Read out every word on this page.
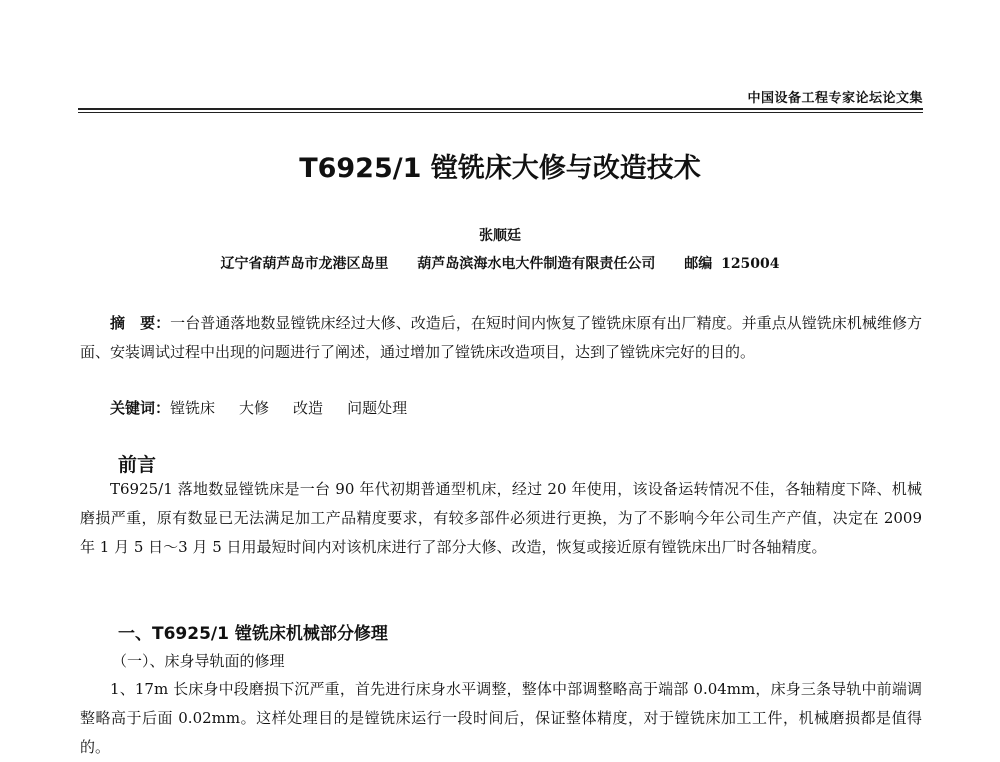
中国设备工程专家论坛论文集
T6925/1 镗铣床大修与改造技术
张顺廷
辽宁省葫芦岛市龙港区岛里 葫芦岛滨海水电大件制造有限责任公司 邮编 125004
摘　要：一台普通落地数显镗铣床经过大修、改造后，在短时间内恢复了镗铣床原有出厂精度。并重点从镗铣床机械维修方面、安装调试过程中出现的问题进行了阐述，通过增加了镗铣床改造项目，达到了镗铣床完好的目的。
关键词：镗铣床 大修 改造 问题处理
前言
T6925/1 落地数显镗铣床是一台 90 年代初期普通型机床，经过 20 年使用，该设备运转情况不佳，各轴精度下降、机械磨损严重，原有数显已无法满足加工产品精度要求，有较多部件必须进行更换，为了不影响今年公司生产产值，决定在 2009 年 1 月 5 日～3 月 5 日用最短时间内对该机床进行了部分大修、改造，恢复或接近原有镗铣床出厂时各轴精度。
一、T6925/1 镗铣床机械部分修理
（一）、床身导轨面的修理
1、17m 长床身中段磨损下沉严重，首先进行床身水平调整，整体中部调整略高于端部 0.04mm，床身三条导轨中前端调整略高于后面 0.02mm。这样处理目的是镗铣床运行一段时间后，保证整体精度，对于镗铣床加工工件，机械磨损都是值得的。
